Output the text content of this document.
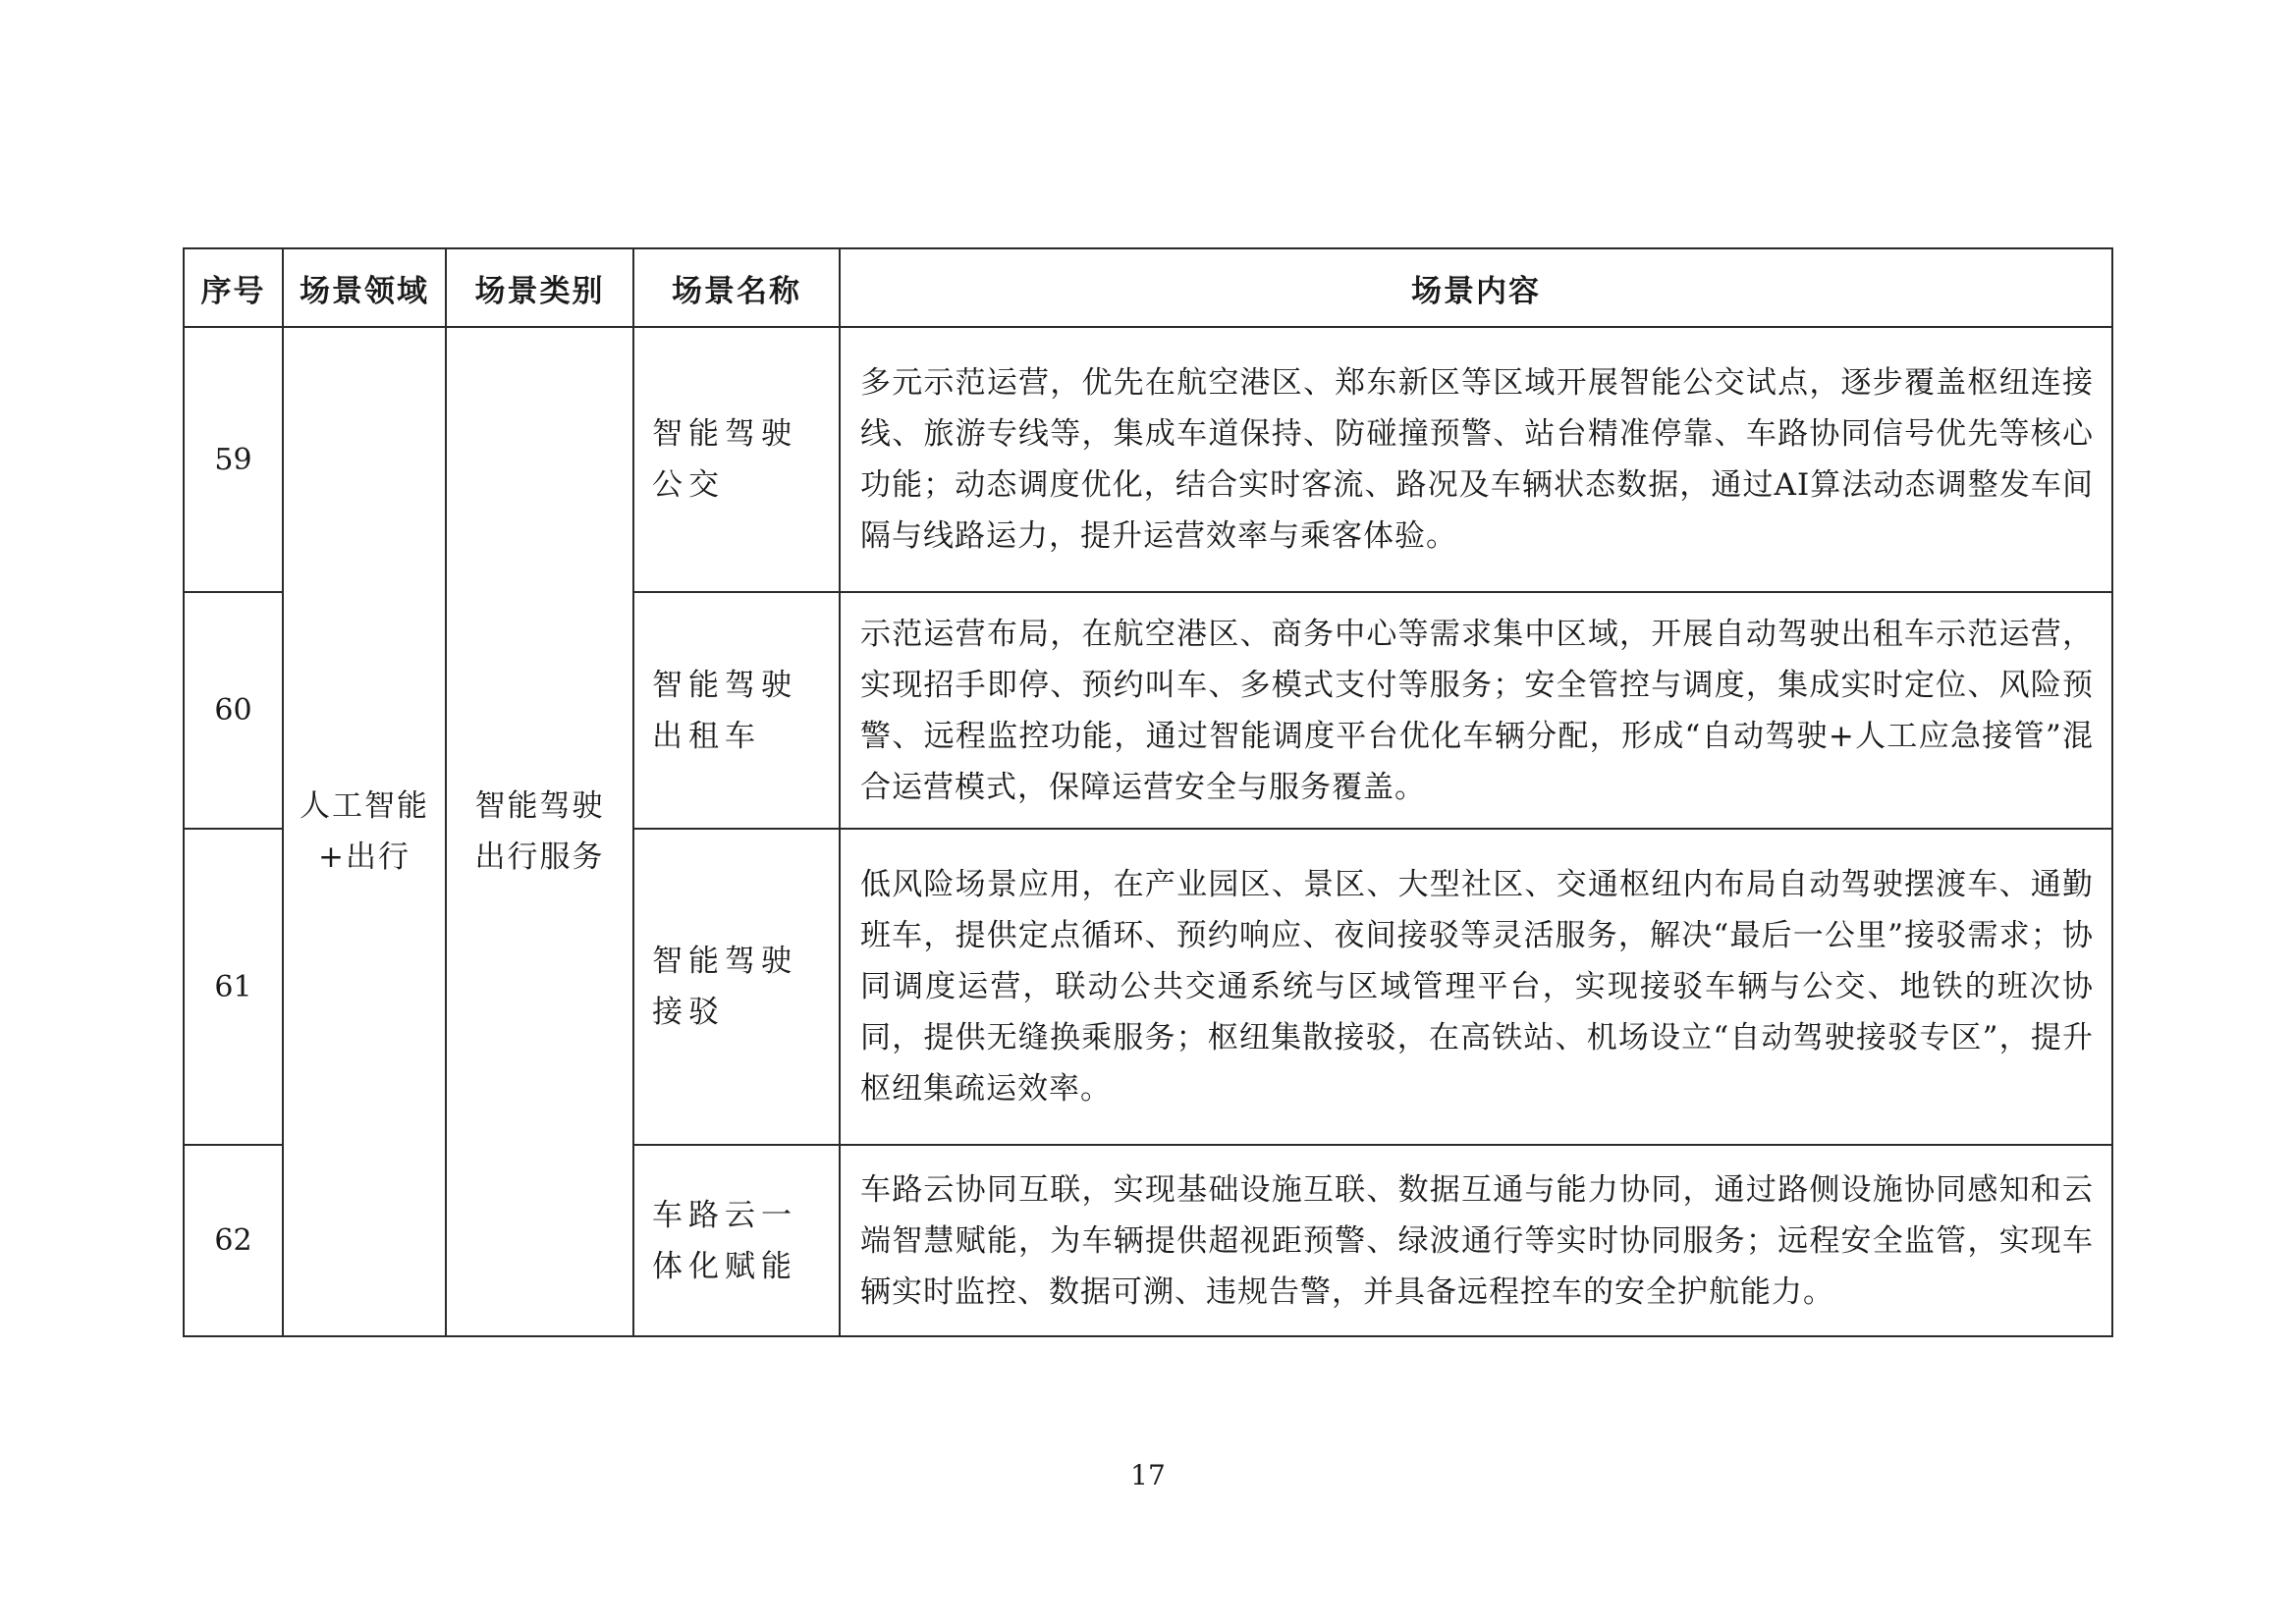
序号	场景领域	场景类别	场景名称	场景内容
59	人工智能+出行	智能驾驶出行服务	智能驾驶公交	多元示范运营，优先在航空港区、郑东新区等区域开展智能公交试点，逐步覆盖枢纽连接线、旅游专线等，集成车道保持、防碰撞预警、站台精准停靠、车路协同信号优先等核心功能；动态调度优化，结合实时客流、路况及车辆状态数据，通过AI算法动态调整发车间隔与线路运力，提升运营效率与乘客体验。
60			智能驾驶出租车	示范运营布局，在航空港区、商务中心等需求集中区域，开展自动驾驶出租车示范运营，实现招手即停、预约叫车、多模式支付等服务；安全管控与调度，集成实时定位、风险预警、远程监控功能，通过智能调度平台优化车辆分配，形成“自动驾驶+人工应急接管”混合运营模式，保障运营安全与服务覆盖。
61			智能驾驶接驳	低风险场景应用，在产业园区、景区、大型社区、交通枢纽内布局自动驾驶摆渡车、通勤班车，提供定点循环、预约响应、夜间接驳等灵活服务，解决“最后一公里”接驳需求；协同调度运营，联动公共交通系统与区域管理平台，实现接驳车辆与公交、地铁的班次协同，提供无缝换乘服务；枢纽集散接驳，在高铁站、机场设立“自动驾驶接驳专区”，提升枢纽集疏运效率。
62			车路云一体化赋能	车路云协同互联，实现基础设施互联、数据互通与能力协同，通过路侧设施协同感知和云端智慧赋能，为车辆提供超视距预警、绿波通行等实时协同服务；远程安全监管，实现车辆实时监控、数据可溯、违规告警，并具备远程控车的安全护航能力。
17
